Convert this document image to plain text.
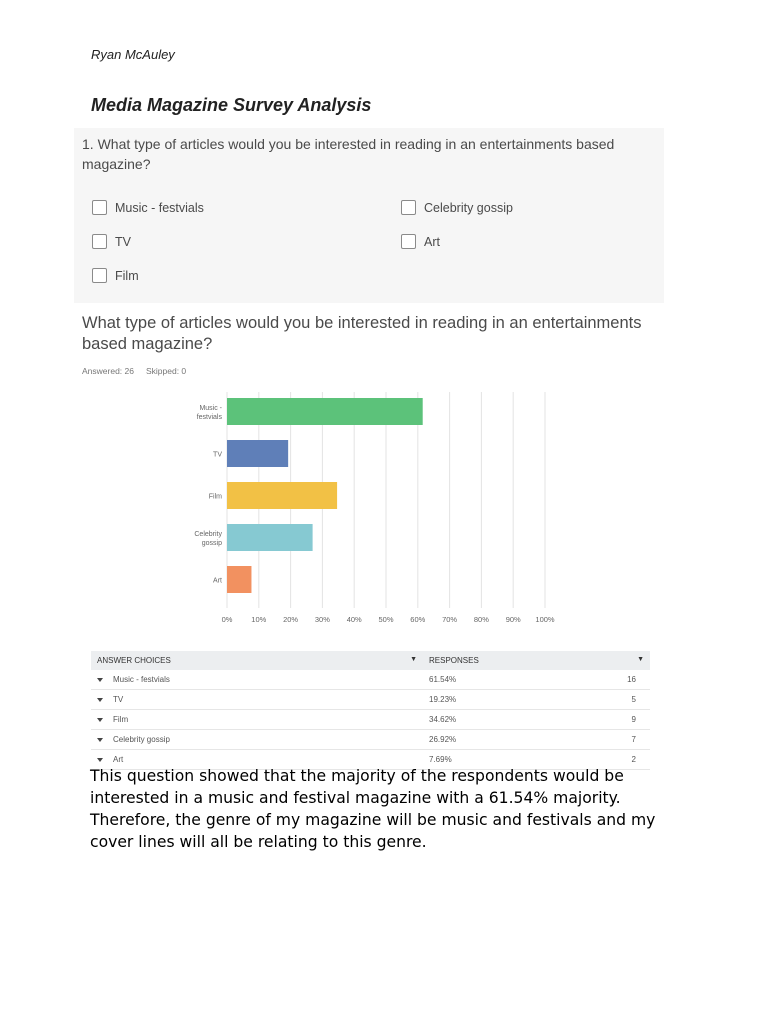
Ryan McAuley
Media Magazine Survey Analysis
1. What type of articles would you be interested in reading in an entertainments based magazine?
Music - festvials
TV
Film
Celebrity gossip
Art
What type of articles would you be interested in reading in an entertainments based magazine?
Answered: 26 Skipped: 0
0%	10% 20% 30% 40% 50% 60% 70% 80% 90% 100%
Music -
festvials
TV
Film
Celebrity
gossip
Art
ANSWER CHOICES ▼	RESPONSES ▼	

Music - festvials	61.54%	16
TV	19.23%	5
Film	34.62%	9
Celebrity gossip	26.92%	7
Art	7.69%	2
This question showed that the majority of the respondents would be interested in a music and festival magazine with a 61.54% majority. Therefore, the genre of my magazine will be music and festivals and my cover lines will all be relating to this genre.
